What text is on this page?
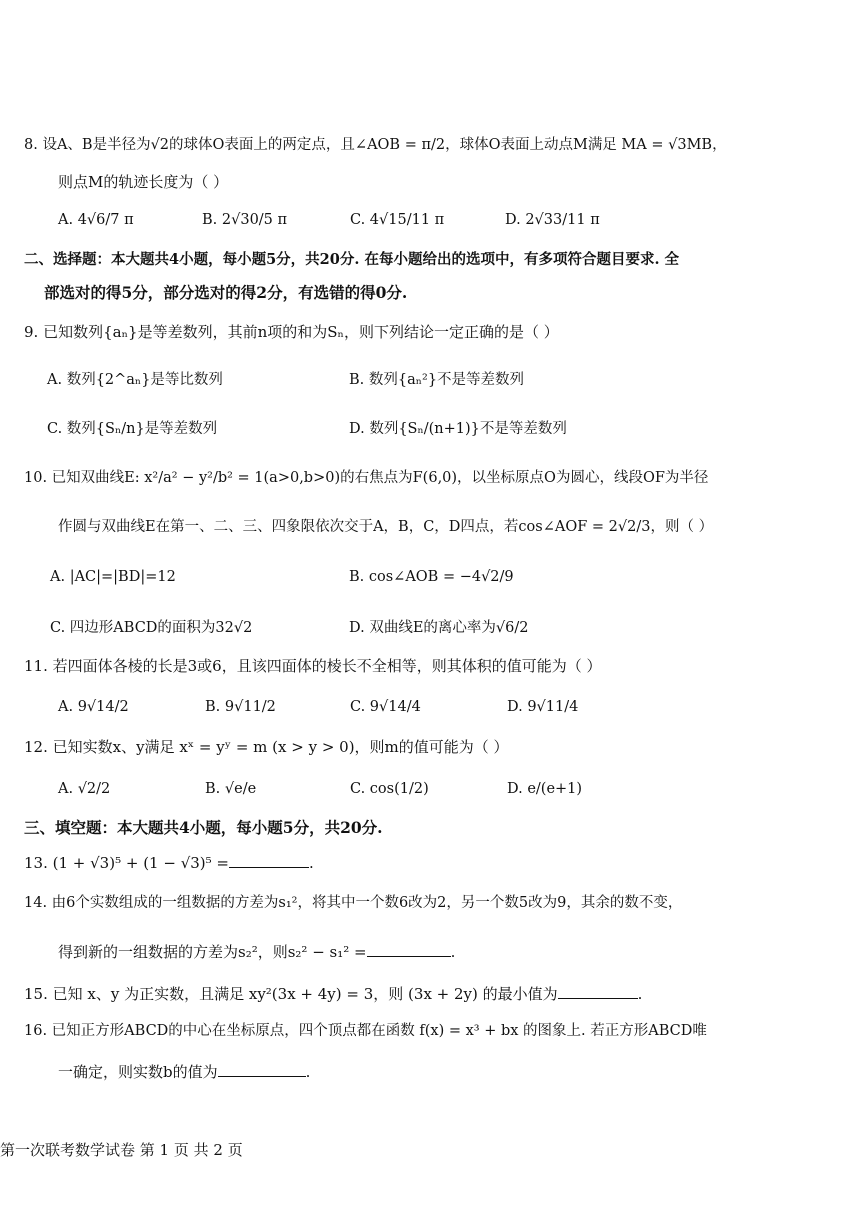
8. 设A、B是半径为√2的球体O表面上的两定点，且∠AOB = π/2，球体O表面上动点M满足 MA = √3MB，
则点M的轨迹长度为（ ）
A. 4√6/7 π	B. 2√30/5 π	C. 4√15/11 π	D. 2√33/11 π
二、选择题：本大题共4小题，每小题5分，共20分. 在每小题给出的选项中，有多项符合题目要求. 全
部选对的得5分，部分选对的得2分，有选错的得0分.
9. 已知数列{aₙ}是等差数列，其前n项的和为Sₙ，则下列结论一定正确的是（ ）
A. 数列{2^aₙ}是等比数列	B. 数列{aₙ²}不是等差数列
C. 数列{Sₙ/n}是等差数列	D. 数列{Sₙ/(n+1)}不是等差数列
10. 已知双曲线E: x²/a² − y²/b² = 1(a>0,b>0)的右焦点为F(6,0)，以坐标原点O为圆心，线段OF为半径
作圆与双曲线E在第一、二、三、四象限依次交于A，B，C，D四点，若cos∠AOF = 2√2/3，则（ ）
A. |AC|=|BD|=12	B. cos∠AOB = −4√2/9
C. 四边形ABCD的面积为32√2	D. 双曲线E的离心率为√6/2
11. 若四面体各棱的长是3或6，且该四面体的棱长不全相等，则其体积的值可能为（ ）
A. 9√14/2	B. 9√11/2	C. 9√14/4	D. 9√11/4
12. 已知实数x、y满足 xˣ = yʸ = m (x > y > 0)，则m的值可能为（ ）
A. √2/2	B. √e/e	C. cos(1/2)	D. e/(e+1)
三、填空题：本大题共4小题，每小题5分，共20分.
13. (1 + √3)⁵ + (1 − √3)⁵ =	.
14. 由6个实数组成的一组数据的方差为s₁²，将其中一个数6改为2，另一个数5改为9，其余的数不变，
得到新的一组数据的方差为s₂²，则s₂² − s₁² =	.
15. 已知 x、y 为正实数，且满足 xy²(3x + 4y) = 3，则 (3x + 2y) 的最小值为	.
16. 已知正方形ABCD的中心在坐标原点，四个顶点都在函数 f(x) = x³ + bx 的图象上. 若正方形ABCD唯
一确定，则实数b的值为	.
第一次联考数学试卷 第 1 页 共 2 页
